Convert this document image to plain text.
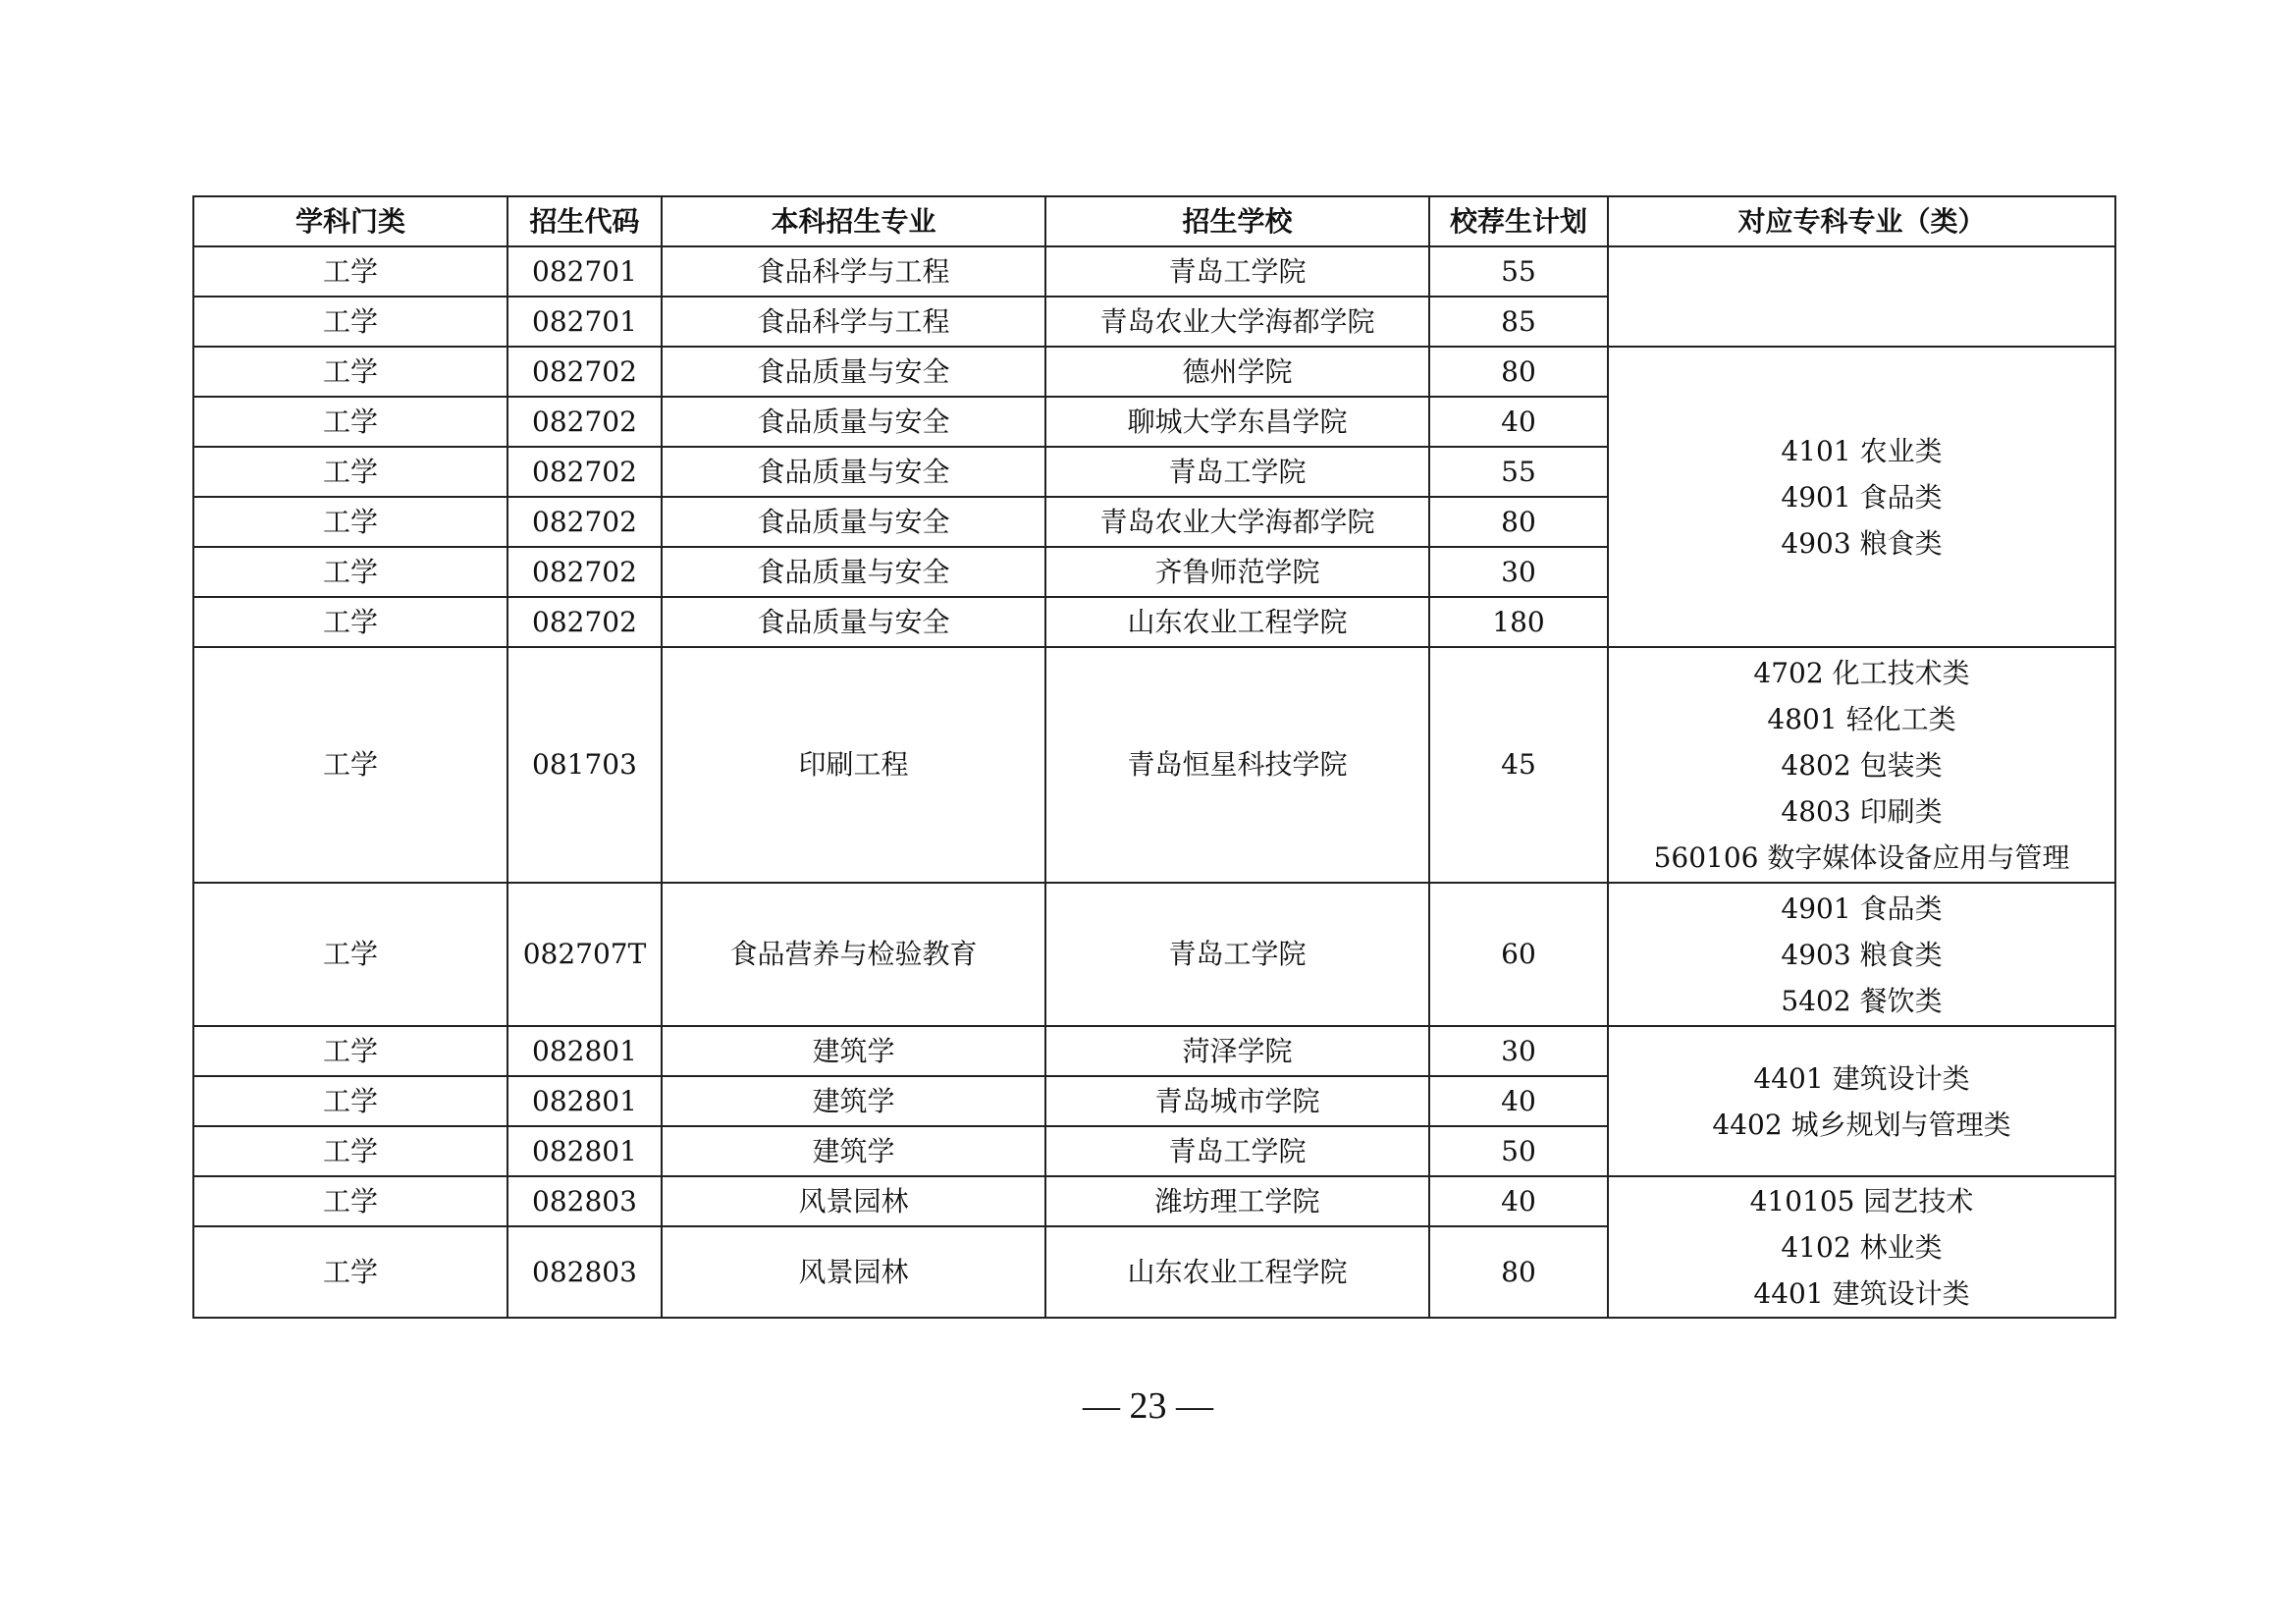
学科门类	招生代码	本科招生专业	招生学校	校荐生计划	对应专科专业（类）
工学	082701	食品科学与工程	青岛工学院	55	
工学	082701	食品科学与工程	青岛农业大学海都学院	85	
工学	082702	食品质量与安全	德州学院	80	4101 农业类
4901 食品类
4903 粮食类

工学	082702	食品质量与安全	聊城大学东昌学院	40	
工学	082702	食品质量与安全	青岛工学院	55	
工学	082702	食品质量与安全	青岛农业大学海都学院	80	
工学	082702	食品质量与安全	齐鲁师范学院	30	
工学	082702	食品质量与安全	山东农业工程学院	180	
工学	081703	印刷工程	青岛恒星科技学院	45	4702 化工技术类
4801 轻化工类
4802 包装类
4803 印刷类
560106 数字媒体设备应用与管理

工学	082707T	食品营养与检验教育	青岛工学院	60	4901 食品类
4903 粮食类
5402 餐饮类

工学	082801	建筑学	菏泽学院	30	4401 建筑设计类
4402 城乡规划与管理类

工学	082801	建筑学	青岛城市学院	40	
工学	082801	建筑学	青岛工学院	50	
工学	082803	风景园林	潍坊理工学院	40	410105 园艺技术
4102 林业类
4401 建筑设计类

工学	082803	风景园林	山东农业工程学院	80	
— 23 —
